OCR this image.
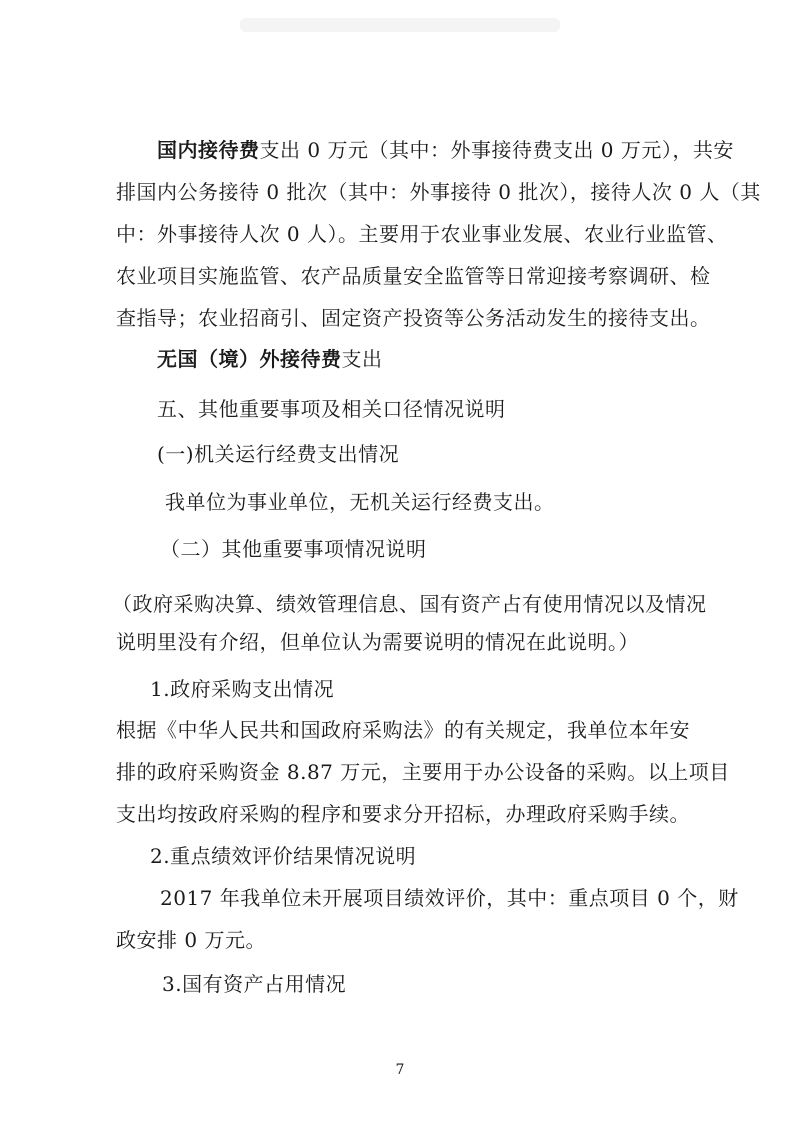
国内接待费支出 0 万元（其中：外事接待费支出 0 万元），共安
排国内公务接待 0 批次（其中：外事接待 0 批次），接待人次 0 人（其
中：外事接待人次 0 人）。主要用于农业事业发展、农业行业监管、
农业项目实施监管、农产品质量安全监管等日常迎接考察调研、检
查指导；农业招商引、固定资产投资等公务活动发生的接待支出。
无国（境）外接待费支出
五、其他重要事项及相关口径情况说明
(一)机关运行经费支出情况
我单位为事业单位，无机关运行经费支出。
（二）其他重要事项情况说明
（政府采购决算、绩效管理信息、国有资产占有使用情况以及情况
说明里没有介绍，但单位认为需要说明的情况在此说明。）
1.政府采购支出情况
根据《中华人民共和国政府采购法》的有关规定，我单位本年安
排的政府采购资金 8.87 万元，主要用于办公设备的采购。以上项目
支出均按政府采购的程序和要求分开招标，办理政府采购手续。
2.重点绩效评价结果情况说明
2017 年我单位未开展项目绩效评价，其中：重点项目 0 个，财
政安排 0 万元。
3.国有资产占用情况
7
